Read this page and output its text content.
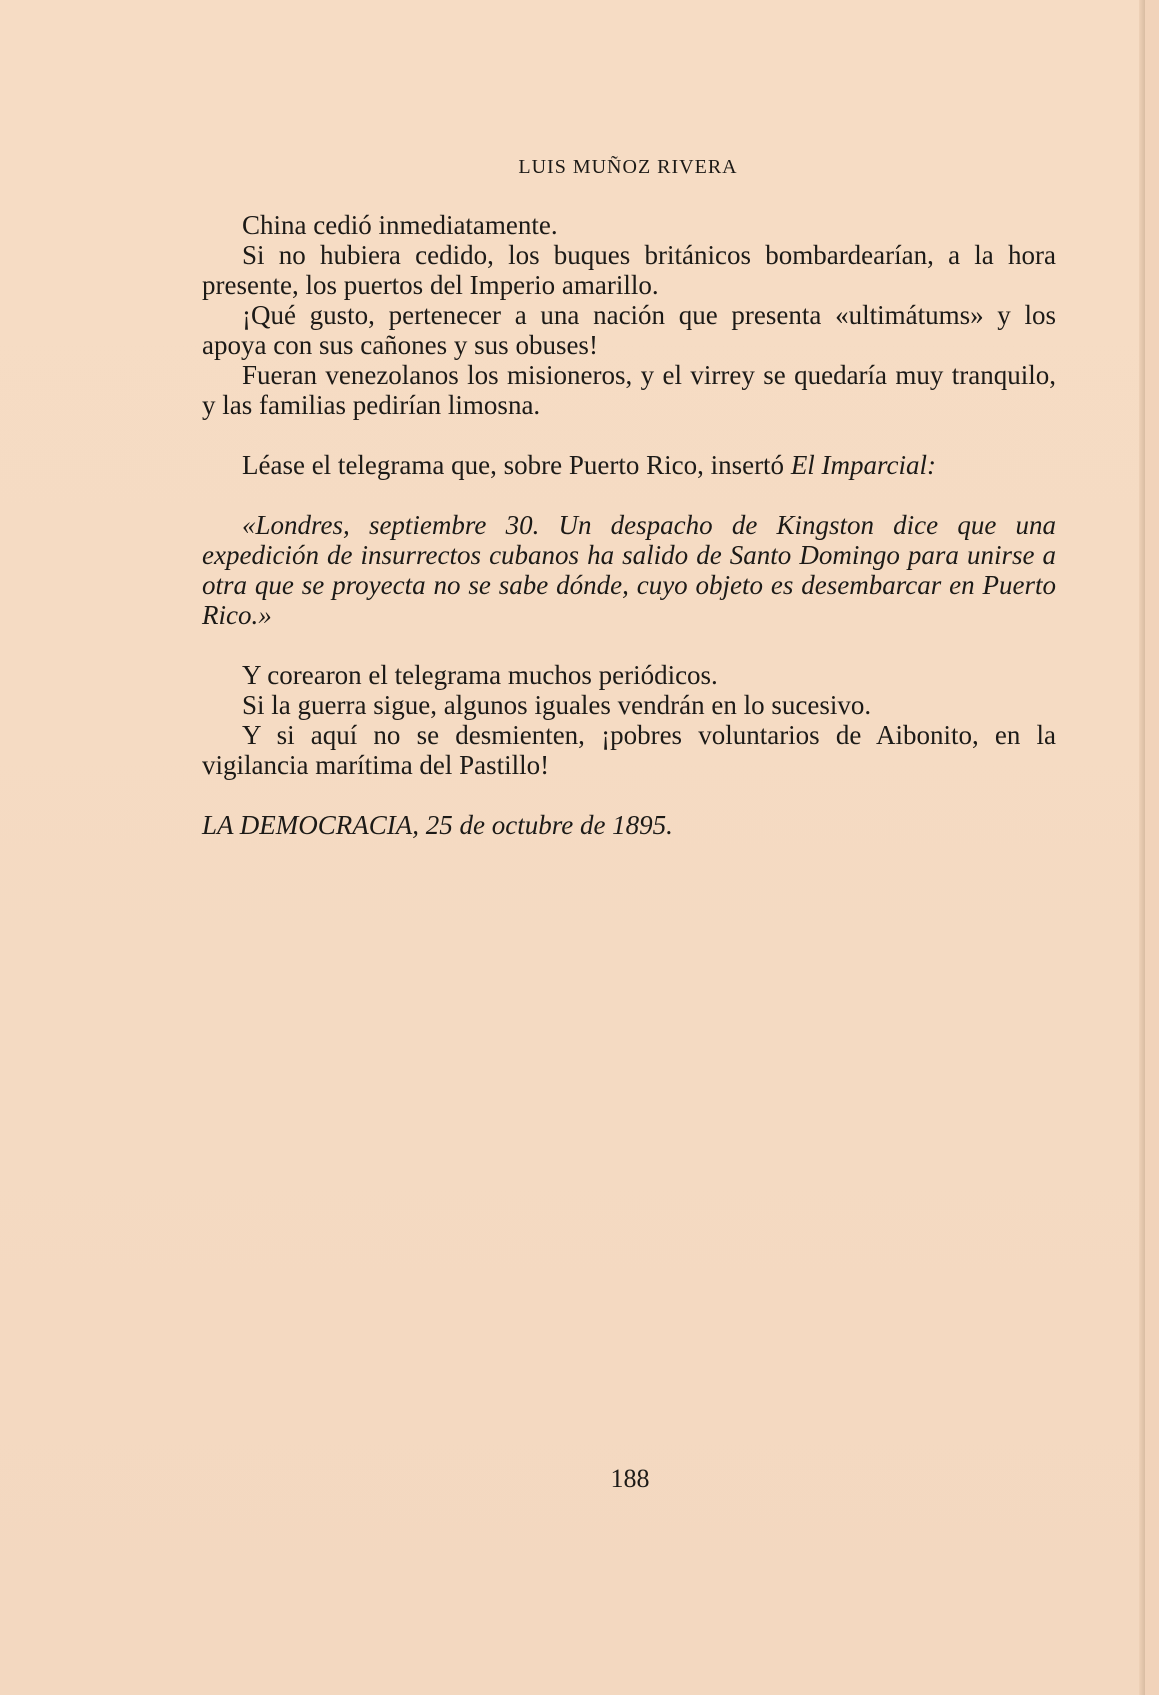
LUIS MUÑOZ RIVERA

China cedió inmediatamente.

Si no hubiera cedido, los buques británicos bombardearían, a la hora presente, los puertos del Imperio amarillo.

¡Qué gusto, pertenecer a una nación que presenta «ultimátums» y los apoya con sus cañones y sus obuses!

Fueran venezolanos los misioneros, y el virrey se quedaría muy tranquilo, y las familias pedirían limosna.

Léase el telegrama que, sobre Puerto Rico, insertó El Imparcial:

«Londres, septiembre 30. Un despacho de Kingston dice que una expedición de insurrectos cubanos ha salido de Santo Domingo para unirse a otra que se proyecta no se sabe dónde, cuyo objeto es desembarcar en Puerto Rico.»

Y corearon el telegrama muchos periódicos.

Si la guerra sigue, algunos iguales vendrán en lo sucesivo.

Y si aquí no se desmienten, ¡pobres voluntarios de Aibonito, en la vigilancia marítima del Pastillo!

LA DEMOCRACIA, 25 de octubre de 1895.

188
